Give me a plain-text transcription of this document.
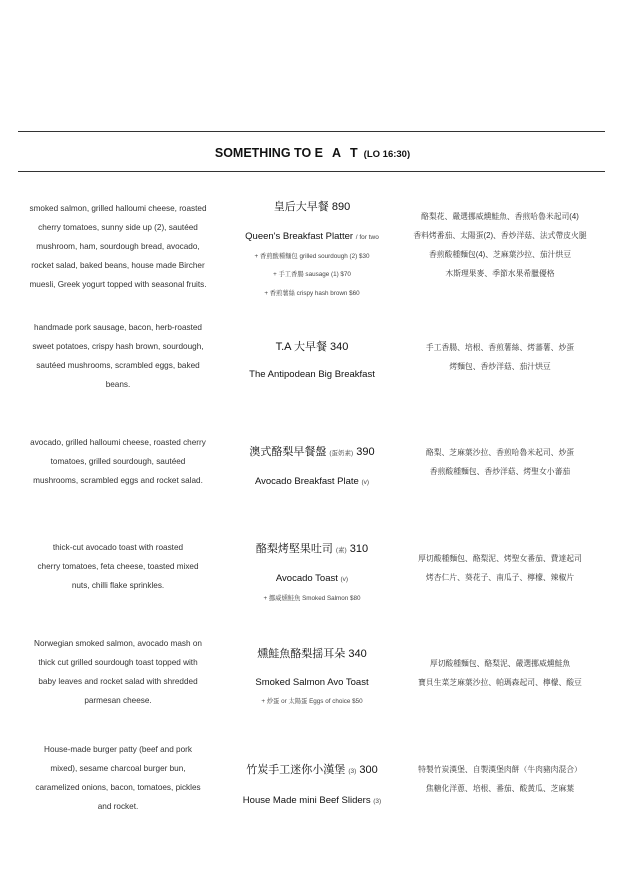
SOMETHING TO E A T (LO 16:30)
smoked salmon, grilled halloumi cheese, roasted
cherry tomatoes, sunny side up (2), sautéed
mushroom, ham, sourdough bread, avocado,
rocket salad, baked beans, house made Bircher
muesli, Greek yogurt topped with seasonal fruits.
皇后大早餐 890
Queen's Breakfast Platter / for two
+ 香煎酸種麵包 grilled sourdough (2) $30
+ 手工香腸 sausage (1) $70
+ 香煎薯絲 crispy hash brown $60
酪梨花、嚴選挪威燻鮭魚、香煎哈魯米起司(4)
香料烤番茄、太陽蛋(2)、香炒洋菇、法式帶皮火腿
香煎酸種麵包(4)、芝麻葉沙拉、茄汁烘豆
木斯理果麥、季節水果希臘優格
handmade pork sausage, bacon, herb-roasted
sweet potatoes, crispy hash brown, sourdough,
sautéed mushrooms, scrambled eggs, baked
beans.
T.A 大早餐 340
The Antipodean Big Breakfast
手工香腸、培根、香煎薯絲、烤蕃薯、炒蛋
烤麵包、香炒洋菇、茄汁烘豆
avocado, grilled halloumi cheese, roasted cherry
tomatoes, grilled sourdough, sautéed
mushrooms, scrambled eggs and rocket salad.
澳式酪梨早餐盤 (蛋奶素) 390
Avocado Breakfast Plate (v)
酪梨、芝麻葉沙拉、香煎哈魯米起司、炒蛋
香煎酸種麵包、香炒洋菇、烤聖女小蕃茄
thick-cut avocado toast with roasted
cherry tomatoes, feta cheese, toasted mixed
nuts, chilli flake sprinkles.
酪梨烤堅果吐司 (素) 310
Avocado Toast (v)
+ 挪威燻鮭魚 Smoked Salmon $80
厚切酸種麵包、酪梨泥、烤聖女番茄、費達起司
烤杏仁片、葵花子、南瓜子、檸檬、辣椒片
Norwegian smoked salmon, avocado mash on
thick cut grilled sourdough toast topped with
baby leaves and rocket salad with shredded
parmesan cheese.
燻鮭魚酪梨揺耳朵 340
Smoked Salmon Avo Toast
+ 炒蛋 or 太陽蛋 Eggs of choice $50
厚切酸種麵包、酪梨泥、嚴選挪威燻鮭魚
寶貝生菜芝麻葉沙拉、帕瑪森起司、檸檬、酸豆
House-made burger patty (beef and pork
mixed), sesame charcoal burger bun,
caramelized onions, bacon, tomatoes, pickles
and rocket.
竹炭手工迷你小漢堡 (3) 300
House Made mini Beef Sliders (3)
特製竹炭漢堡、自製漢堡肉餅（牛肉豬肉混合）
焦糖化洋蔥、培根、番茄、酸黃瓜、芝麻葉
